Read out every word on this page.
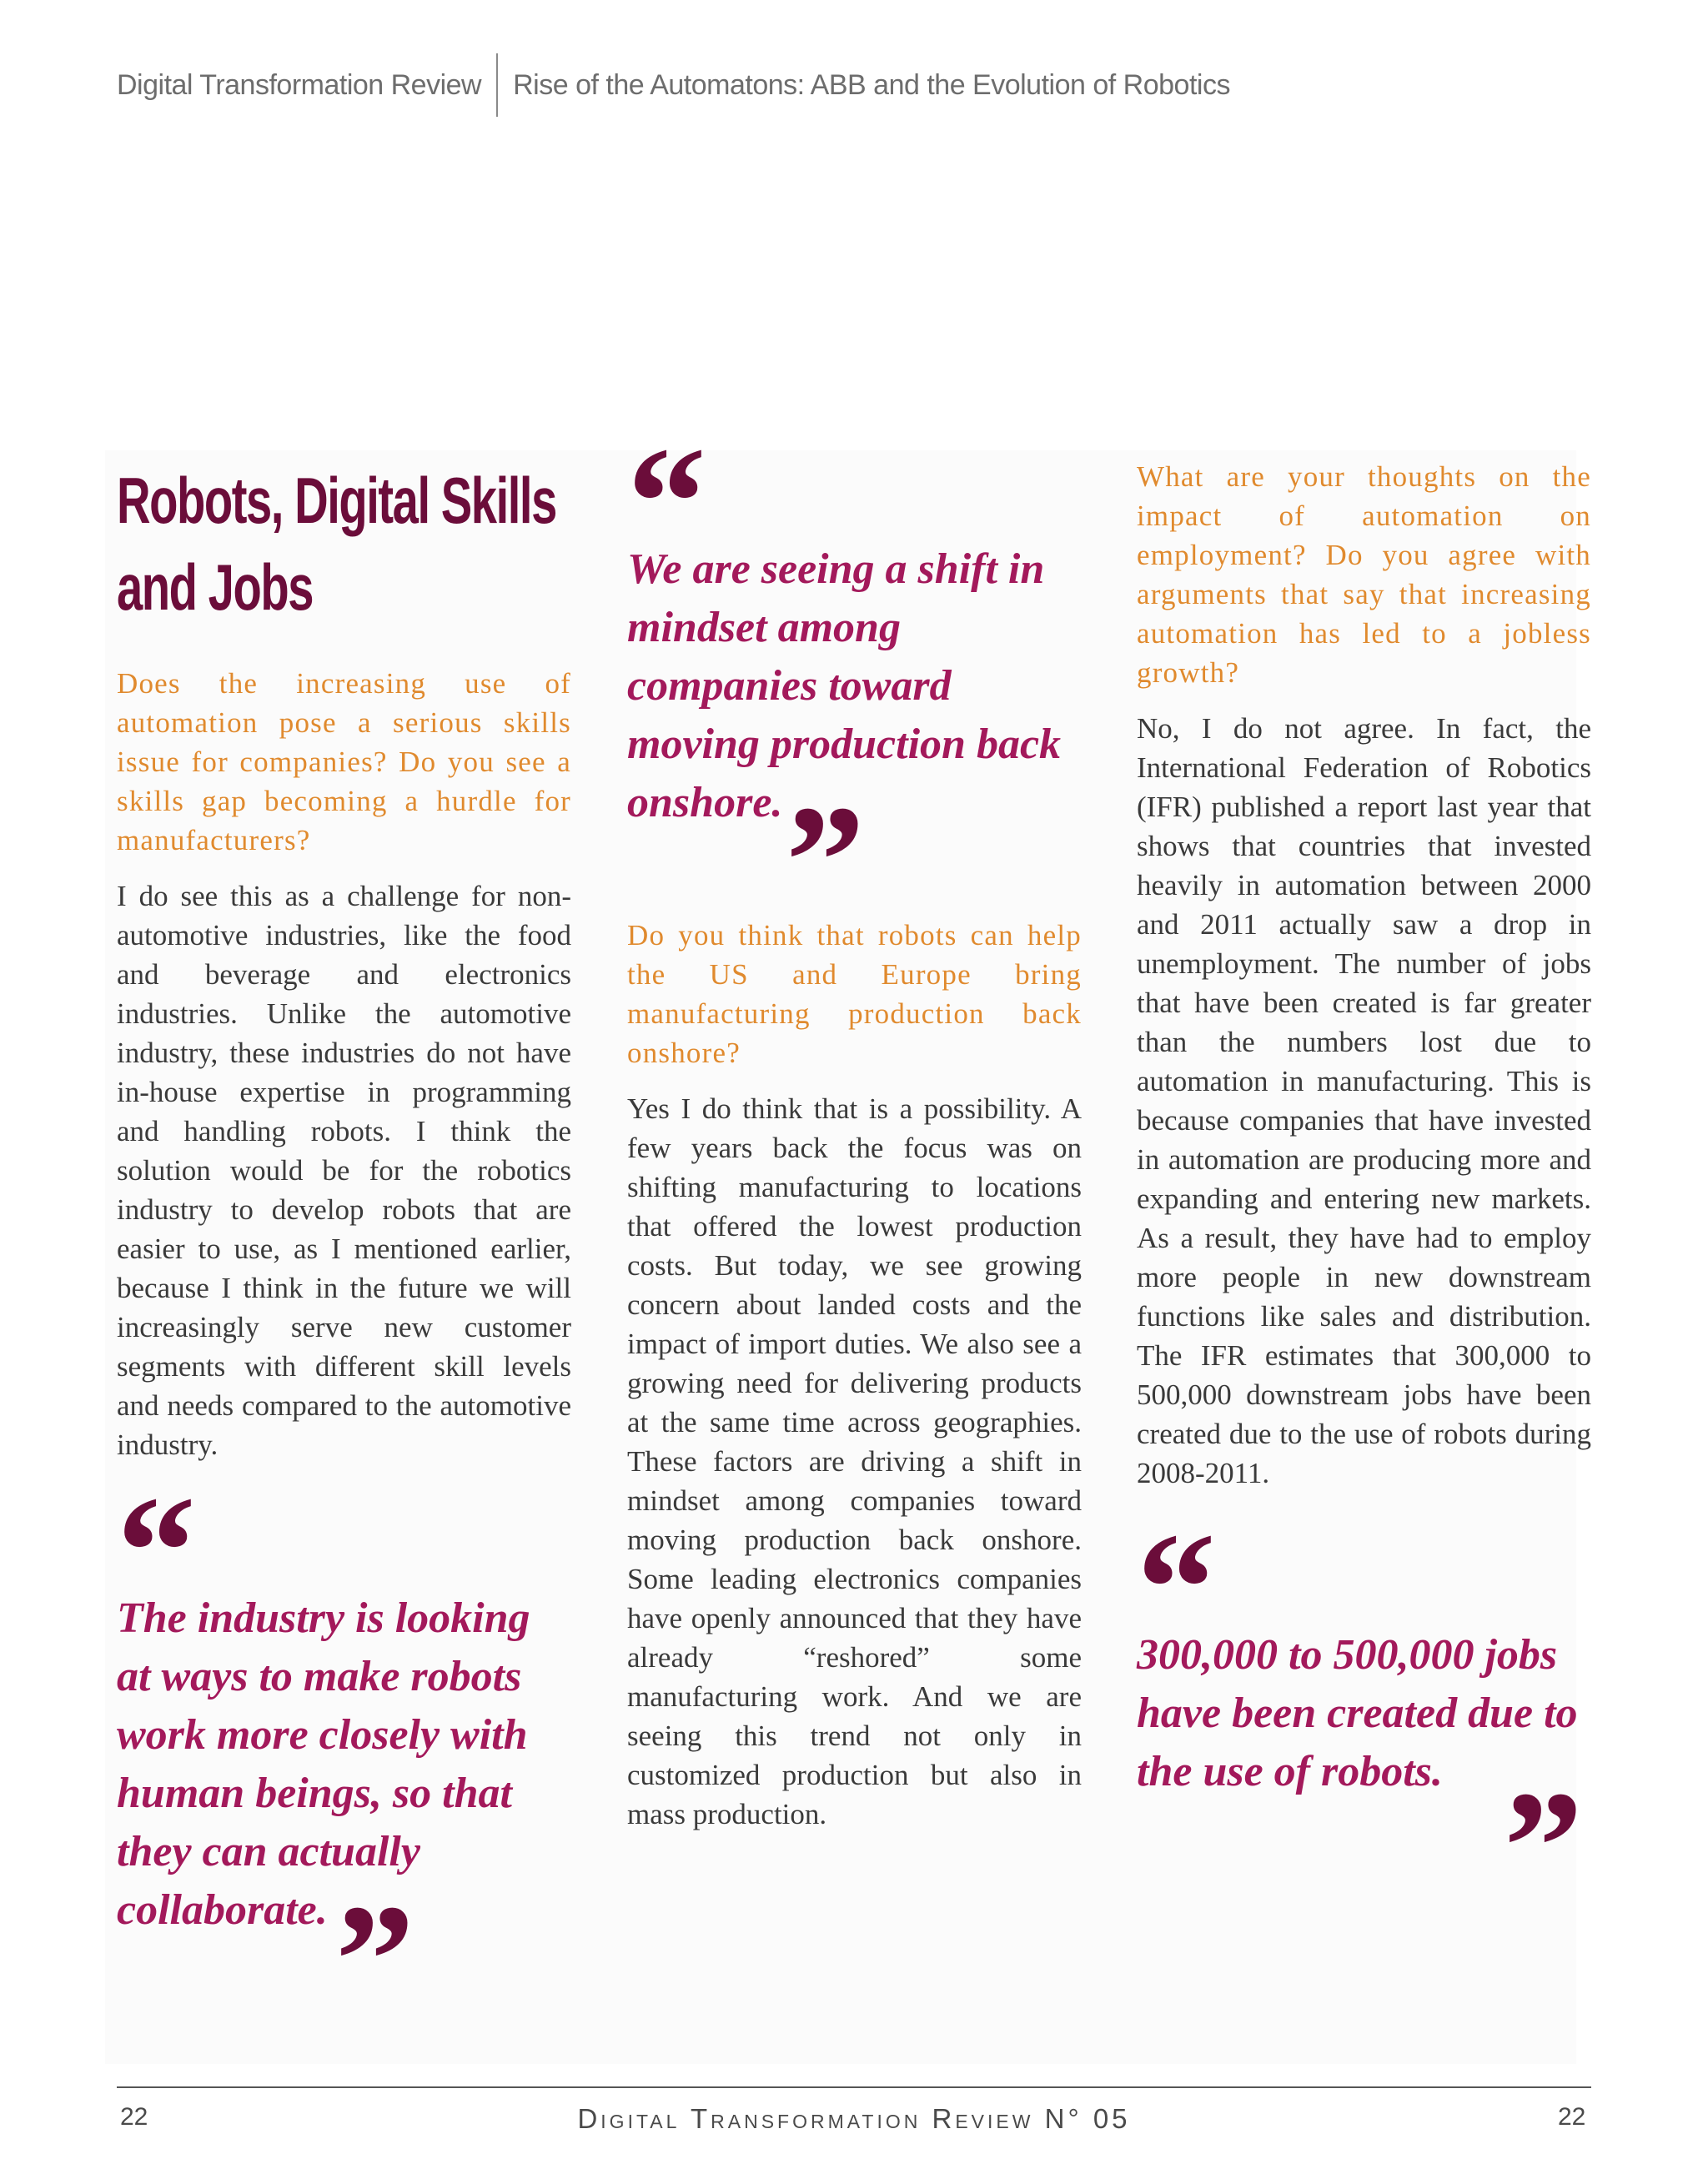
Digital Transformation Review Rise of the Automatons: ABB and the Evolution of Robotics
Robots, Digital Skills and Jobs

Does the increasing use of automation pose a serious skills issue for companies? Do you see a skills gap becoming a hurdle for manufacturers?

I do see this as a challenge for non-automotive industries, like the food and beverage and electronics industries. Unlike the automotive industry, these industries do not have in-house expertise in programming and handling robots. I think the solution would be for the robotics industry to develop robots that are easier to use, as I mentioned earlier, because I think in the future we will increasingly serve new customer segments with different skill levels and needs compared to the automotive industry.

“

The industry is looking at ways to make robots work more closely with human beings, so that they can actually collaborate. ”
“

We are seeing a shift in mindset among companies toward moving production back onshore. ”

Do you think that robots can help the US and Europe bring manufacturing production back onshore?

Yes I do think that is a possibility. A few years back the focus was on shifting manufacturing to locations that offered the lowest production costs. But today, we see growing concern about landed costs and the impact of import duties. We also see a growing need for delivering products at the same time across geographies. These factors are driving a shift in mindset among companies toward moving production back onshore. Some leading electronics companies have openly announced that they have already “reshored” some manufacturing work. And we are seeing this trend not only in customized production but also in mass production.

What are your thoughts on the impact of automation on employment? Do you agree with arguments that say that increasing automation has led to a jobless growth?

No, I do not agree. In fact, the International Federation of Robotics (IFR) published a report last year that shows that countries that invested heavily in automation between 2000 and 2011 actually saw a drop in unemployment. The number of jobs that have been created is far greater than the numbers lost due to automation in manufacturing. This is because companies that have invested in automation are producing more and expanding and entering new markets. As a result, they have had to employ more people in new downstream functions like sales and distribution. The IFR estimates that 300,000 to 500,000 downstream jobs have been created due to the use of robots during 2008-2011.

“

300,000 to 500,000 jobs have been created due to the use of robots. ”
22	Digital Transformation Review N° 05	22
